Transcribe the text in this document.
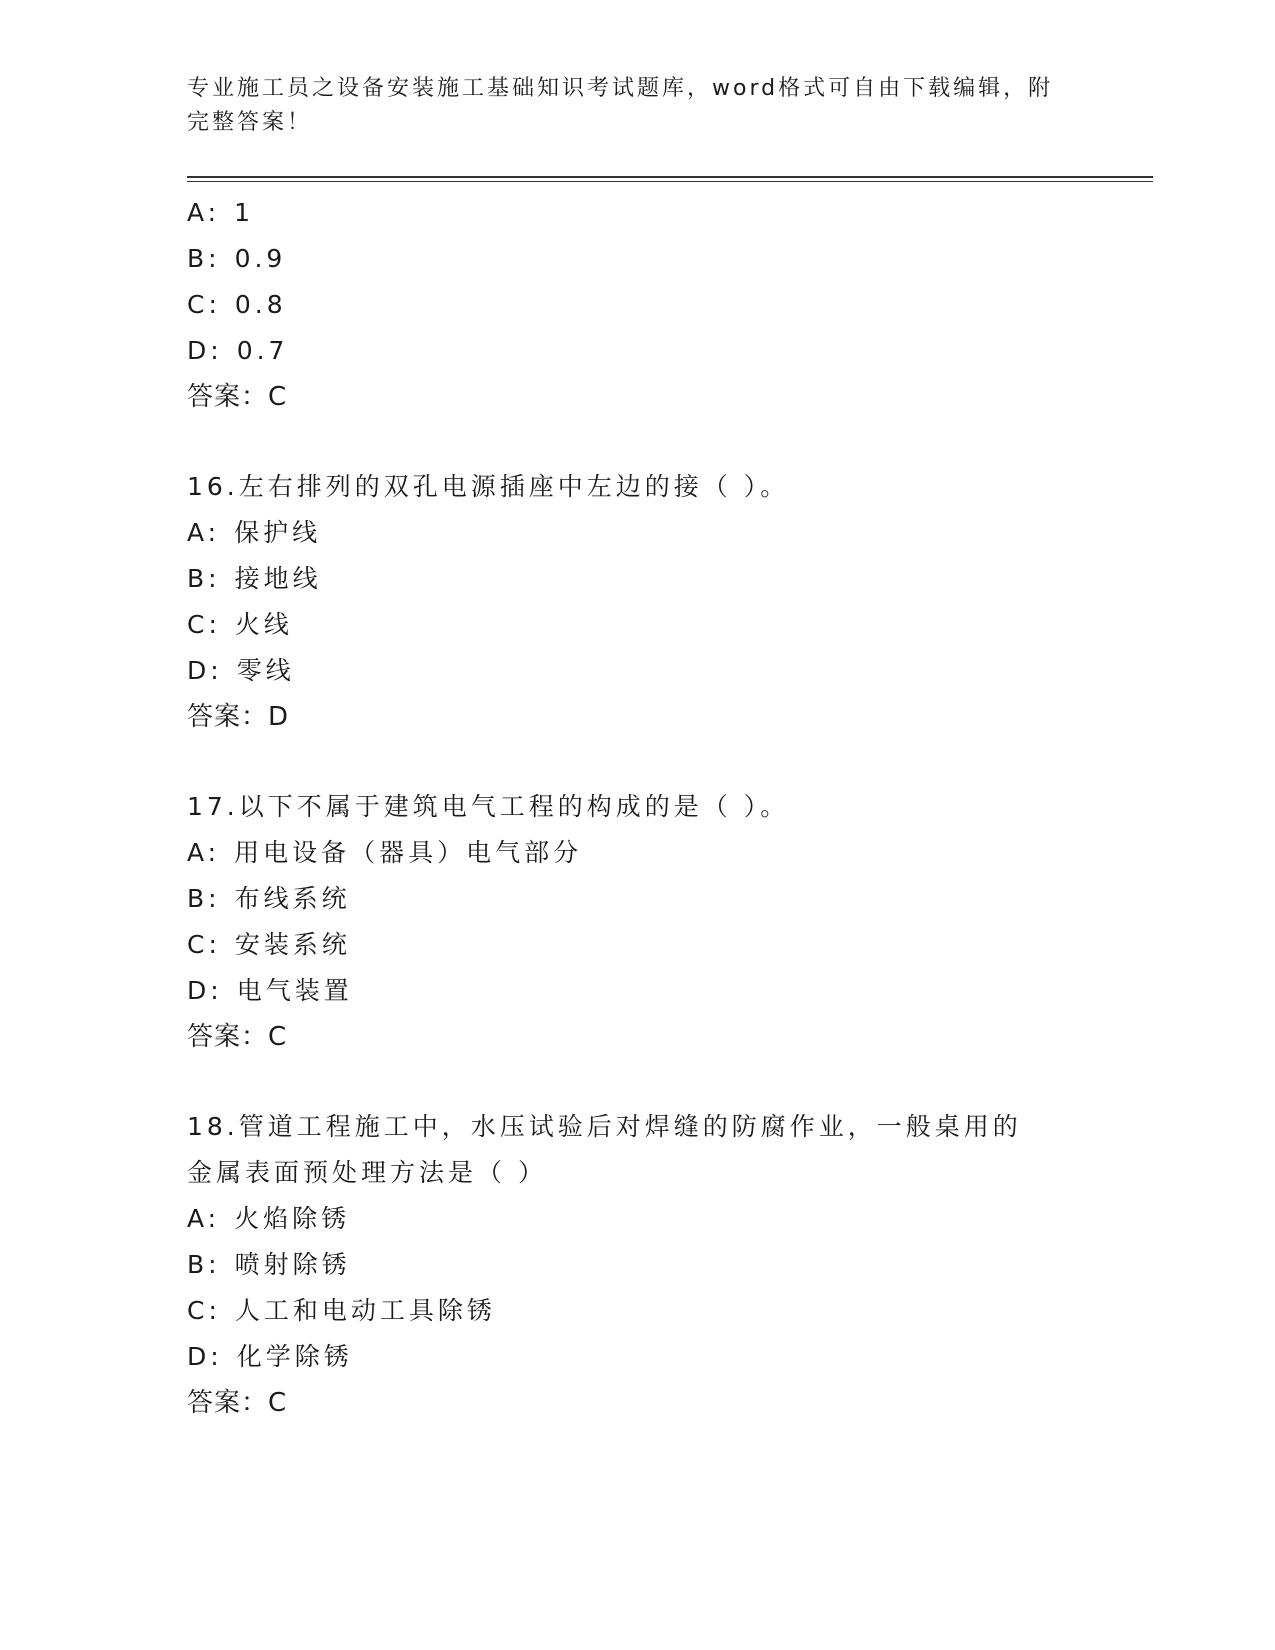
专业施工员之设备安装施工基础知识考试题库，word格式可自由下载编辑，附完整答案！
A: 1
B: 0.9
C: 0.8
D: 0.7
答案：C
16.左右排列的双孔电源插座中左边的接（ ）。
A: 保护线
B: 接地线
C: 火线
D: 零线
答案：D
17.以下不属于建筑电气工程的构成的是（ ）。
A: 用电设备（器具）电气部分
B: 布线系统
C: 安装系统
D: 电气装置
答案：C
18.管道工程施工中，水压试验后对焊缝的防腐作业，一般桌用的金属表面预处理方法是（ ）
A: 火焰除锈
B: 喷射除锈
C: 人工和电动工具除锈
D: 化学除锈
答案：C
